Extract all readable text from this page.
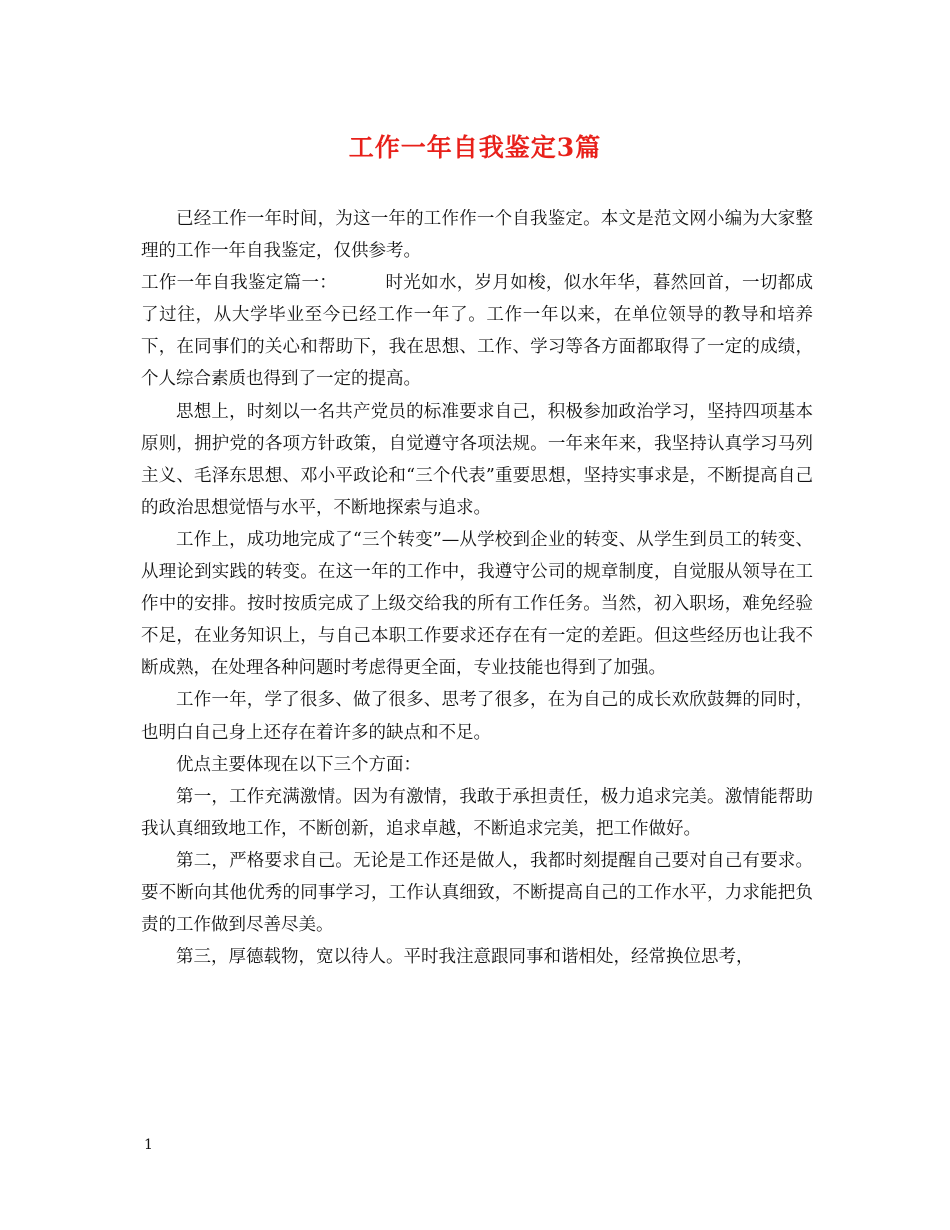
工作一年自我鉴定3篇

已经工作一年时间，为这一年的工作作一个自我鉴定。本文是范文网小编为大家整理的工作一年自我鉴定，仅供参考。

工作一年自我鉴定篇一：	时光如水，岁月如梭，似水年华，暮然回首，一切都成了过往，从大学毕业至今已经工作一年了。工作一年以来，在单位领导的教导和培养下，在同事们的关心和帮助下，我在思想、工作、学习等各方面都取得了一定的成绩，个人综合素质也得到了一定的提高。

思想上，时刻以一名共产党员的标准要求自己，积极参加政治学习，坚持四项基本原则，拥护党的各项方针政策，自觉遵守各项法规。一年来年来，我坚持认真学习马列主义、毛泽东思想、邓小平政论和“三个代表”重要思想，坚持实事求是，不断提高自己的政治思想觉悟与水平，不断地探索与追求。

工作上，成功地完成了“三个转变”—从学校到企业的转变、从学生到员工的转变、从理论到实践的转变。在这一年的工作中，我遵守公司的规章制度，自觉服从领导在工作中的安排。按时按质完成了上级交给我的所有工作任务。当然，初入职场，难免经验不足，在业务知识上，与自己本职工作要求还存在有一定的差距。但这些经历也让我不断成熟，在处理各种问题时考虑得更全面，专业技能也得到了加强。

工作一年，学了很多、做了很多、思考了很多，在为自己的成长欢欣鼓舞的同时，也明白自己身上还存在着许多的缺点和不足。

优点主要体现在以下三个方面：

第一，工作充满激情。因为有激情，我敢于承担责任，极力追求完美。激情能帮助我认真细致地工作，不断创新，追求卓越，不断追求完美，把工作做好。

第二，严格要求自己。无论是工作还是做人，我都时刻提醒自己要对自己有要求。要不断向其他优秀的同事学习，工作认真细致，不断提高自己的工作水平，力求能把负责的工作做到尽善尽美。

第三，厚德载物，宽以待人。平时我注意跟同事和谐相处，经常换位思考，

1
